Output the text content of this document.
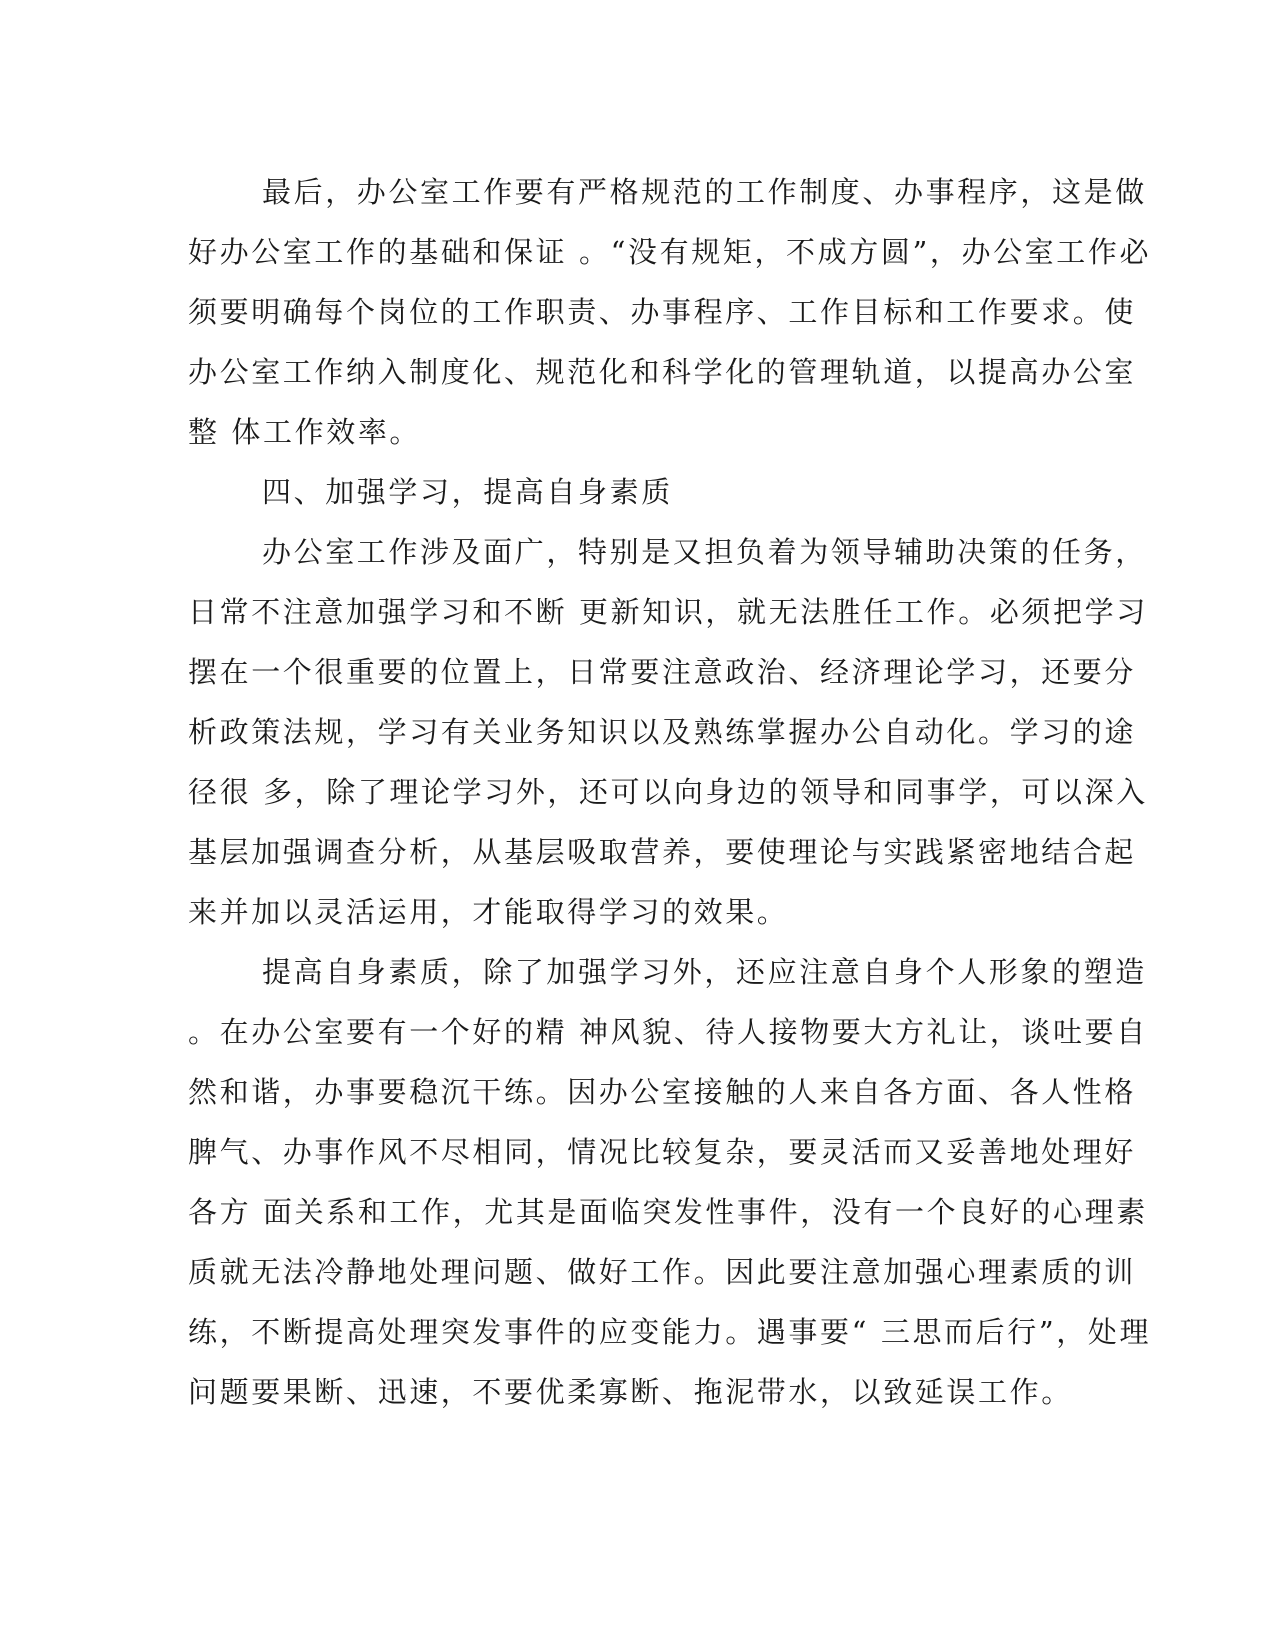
最后，办公室工作要有严格规范的工作制度、办事程序，这是做
好办公室工作的基础和保证 。“没有规矩，不成方圆”，办公室工作必
须要明确每个岗位的工作职责、办事程序、工作目标和工作要求。使
办公室工作纳入制度化、规范化和科学化的管理轨道，以提高办公室
整 体工作效率。
四、加强学习，提高自身素质
办公室工作涉及面广，特别是又担负着为领导辅助决策的任务，
日常不注意加强学习和不断 更新知识，就无法胜任工作。必须把学习
摆在一个很重要的位置上，日常要注意政治、经济理论学习，还要分
析政策法规，学习有关业务知识以及熟练掌握办公自动化。学习的途
径很 多，除了理论学习外，还可以向身边的领导和同事学，可以深入
基层加强调查分析，从基层吸取营养，要使理论与实践紧密地结合起
来并加以灵活运用，才能取得学习的效果。
提高自身素质，除了加强学习外，还应注意自身个人形象的塑造
。在办公室要有一个好的精 神风貌、待人接物要大方礼让，谈吐要自
然和谐，办事要稳沉干练。因办公室接触的人来自各方面、各人性格
脾气、办事作风不尽相同，情况比较复杂，要灵活而又妥善地处理好
各方 面关系和工作，尤其是面临突发性事件，没有一个良好的心理素
质就无法冷静地处理问题、做好工作。因此要注意加强心理素质的训
练，不断提高处理突发事件的应变能力。遇事要“ 三思而后行”，处理
问题要果断、迅速，不要优柔寡断、拖泥带水，以致延误工作。
